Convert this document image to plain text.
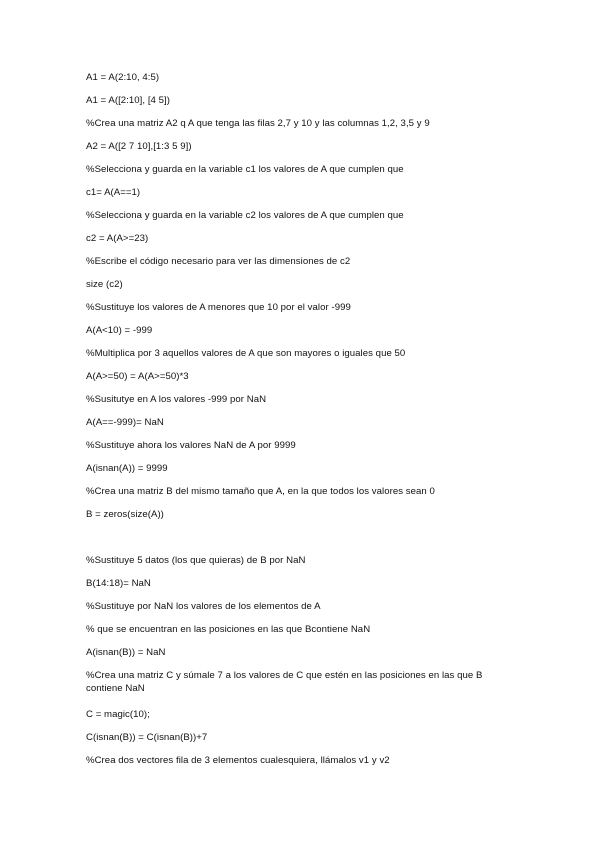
A1 = A(2:10, 4:5)
A1 = A([2:10], [4 5])
%Crea una matriz A2 q A que tenga las filas 2,7 y 10 y las columnas 1,2, 3,5 y 9
A2 = A([2 7 10],[1:3 5 9])
%Selecciona y guarda en la variable c1 los valores de A que cumplen que
c1= A(A==1)
%Selecciona y guarda en la variable c2 los valores de A que cumplen que
c2 = A(A>=23)
%Escribe el código necesario para ver las dimensiones de c2
size (c2)
%Sustituye los valores de A menores que 10 por el valor -999
A(A<10) = -999
%Multiplica por 3 aquellos valores de A que son mayores o iguales que 50
A(A>=50) = A(A>=50)*3
%Susitutye en A los valores -999 por NaN
A(A==-999)= NaN
%Sustituye ahora los valores NaN de A por 9999
A(isnan(A)) = 9999
%Crea una matriz B del mismo tamaño que A, en la que todos los valores sean 0
B = zeros(size(A))
%Sustituye 5 datos (los que quieras) de B por NaN
B(14:18)= NaN
%Sustituye por NaN los valores de los elementos de A
% que se encuentran en las posiciones en las que Bcontiene NaN
A(isnan(B)) = NaN
%Crea una matriz C y súmale 7 a los valores de C que estén en las posiciones en las que B contiene NaN
C = magic(10);
C(isnan(B)) = C(isnan(B))+7
%Crea dos vectores fila de 3 elementos cualesquiera, llámalos v1 y v2
